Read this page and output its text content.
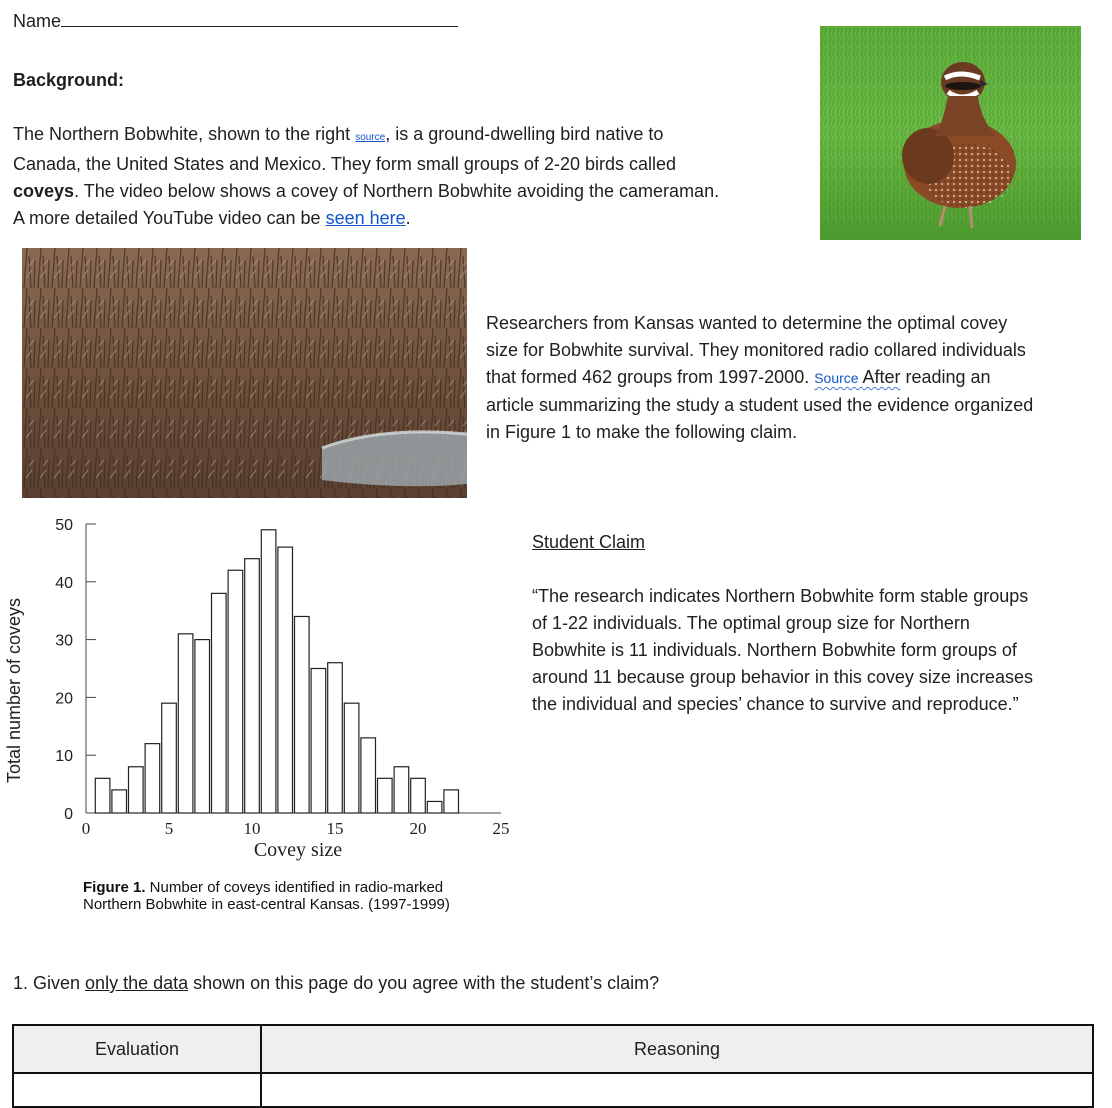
Name
Background:
The Northern Bobwhite, shown to the right source, is a ground-dwelling bird native to
Canada, the United States and Mexico. They form small groups of 2-20 birds called
coveys. The video below shows a covey of Northern Bobwhite avoiding the cameraman.
A more detailed YouTube video can be seen here.
Researchers from Kansas wanted to determine the optimal covey
size for Bobwhite survival. They monitored radio collared individuals
that formed 462 groups from 1997-2000. Source After reading an
article summarizing the study a student used the evidence organized
in Figure 1 to make the following claim.
0
10
20
30
40
50
0	5	10	15	20	25
Covey size
Total number of coveys
Figure 1. Number of coveys identified in radio-marked
Northern Bobwhite in east-central Kansas. (1997-1999)
Student Claim
“The research indicates Northern Bobwhite form stable groups
of 1-22 individuals. The optimal group size for Northern
Bobwhite is 11 individuals. Northern Bobwhite form groups of
around 11 because group behavior in this covey size increases
the individual and species’ chance to survive and reproduce.”
1. Given only the data shown on this page do you agree with the student’s claim?
Evaluation	Reasoning
